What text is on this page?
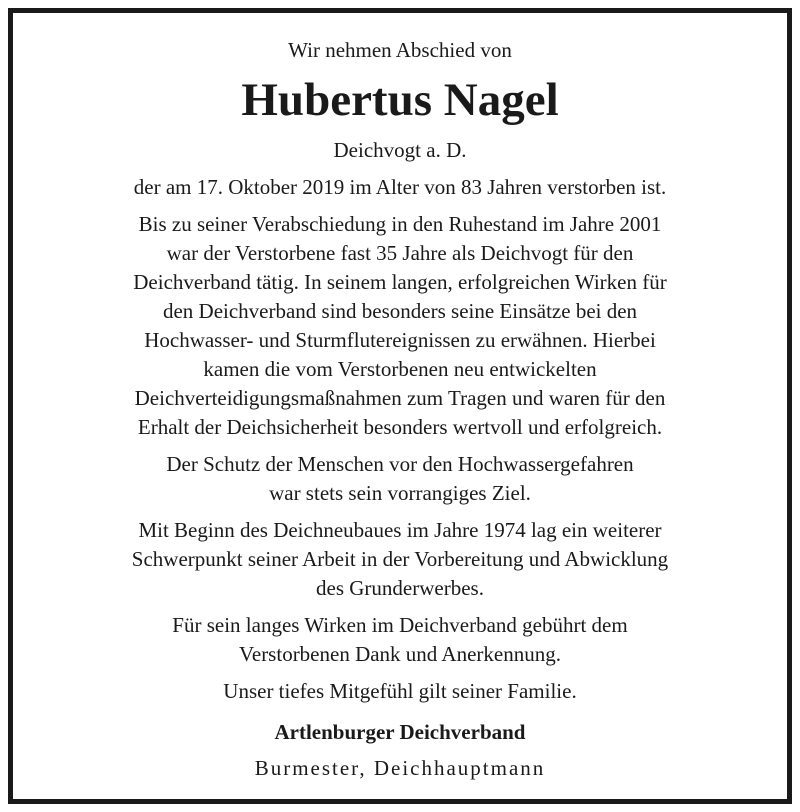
Wir nehmen Abschied von
Hubertus Nagel
Deichvogt a. D.

der am 17. Oktober 2019 im Alter von 83 Jahren verstorben ist.

Bis zu seiner Verabschiedung in den Ruhestand im Jahre 2001
war der Verstorbene fast 35 Jahre als Deichvogt für den
Deichverband tätig. In seinem langen, erfolgreichen Wirken für
den Deichverband sind besonders seine Einsätze bei den
Hochwasser- und Sturmflutereignissen zu erwähnen. Hierbei
kamen die vom Verstorbenen neu entwickelten
Deichverteidigungsmaßnahmen zum Tragen und waren für den
Erhalt der Deichsicherheit besonders wertvoll und erfolgreich.

Der Schutz der Menschen vor den Hochwassergefahren
war stets sein vorrangiges Ziel.

Mit Beginn des Deichneubaues im Jahre 1974 lag ein weiterer
Schwerpunkt seiner Arbeit in der Vorbereitung und Abwicklung
des Grunderwerbes.

Für sein langes Wirken im Deichverband gebührt dem
Verstorbenen Dank und Anerkennung.

Unser tiefes Mitgefühl gilt seiner Familie.

Artlenburger Deichverband
Burmester, Deichhauptmann
